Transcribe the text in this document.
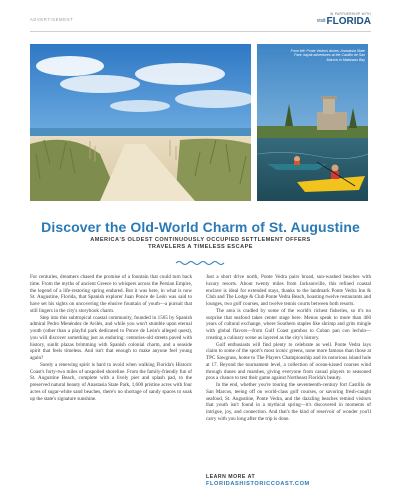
ADVERTISEMENT
IN PARTNERSHIP WITH
$^{visit}$FLORIDA
From left: Ponte Vedra's dunes; Anastasia State Park; kayak adventures at the Castillo de San Marcos in Matanzas Bay
Discover the Old-World Charm of St. Augustine
AMERICA'S OLDEST CONTINUOUSLY OCCUPIED SETTLEMENT OFFERS TRAVELERS A TIMELESS ESCAPE

For centuries, dreamers chased the promise of a fountain that could turn back time. From the myths of ancient Greece to whispers across the Persian Empire, the legend of a life-restoring spring endured. But it was here, in what is now St. Augustine, Florida, that Spanish explorer Juan Ponce de León was said to have set his sights on uncovering the elusive fountain of youth—a pursuit that still lingers in the city's storybook charm.

Step into this subtropical coastal community, founded in 1565 by Spanish admiral Pedro Menéndez de Avilés, and while you won't stumble upon eternal youth (other than a playful park dedicated to Ponce de León's alleged quest), you will discover something just as enduring: centuries-old streets paved with history, sunlit plazas brimming with Spanish colonial charm, and a seaside spirit that feels timeless. And isn't that enough to make anyone feel young again?

Surely a renewing spirit is hard to avoid when walking Florida's Historic Coast's forty-two miles of unspoiled shoreline. From the family-friendly fun of St. Augustine Beach, complete with a lively pier and splash pad, to the preserved natural beauty of Anastasia State Park, 1,600 pristine acres with four acres of sugar-white sand beaches, there's no shortage of sandy spaces to soak up the state's signature sunshine.

Just a short drive north, Ponte Vedra pairs broad, sun-washed beaches with luxury resorts. About twenty miles from Jacksonville, this refined coastal enclave is ideal for extended stays, thanks to the landmark Ponte Vedra Inn & Club and The Lodge & Club Ponte Vedra Beach, boasting twelve restaurants and lounges, two golf courses, and twelve tennis courts between both resorts.

The area is cradled by some of the world's richest fisheries, so it's no surprise that seafood takes center stage here. Menus speak to more than 460 years of cultural exchange, where Southern staples like shrimp and grits mingle with global flavors—from Gulf Coast gumbos to Cuban pan con lechón—creating a culinary scene as layered as the city's history.

Golf enthusiasts will find plenty to celebrate as well. Ponte Vedra lays claim to some of the sport's most iconic greens, none more famous than those at TPC Sawgrass, home to The Players Championship and its notorious island hole at 17. Beyond the tournament level, a collection of ocean-kissed courses wind through dunes and marshes, giving everyone from casual players to seasoned pros a chance to test their game against Northeast Florida's beauty.

In the end, whether you're touring the seventeenth-century fort Castillo de San Marcos, teeing off on world-class golf courses, or savoring fresh-caught seafood, St. Augustine, Ponte Vedra, and the dazzling beaches remind visitors that youth isn't found in a mythical spring—it's discovered in moments of intrigue, joy, and connection. And that's the kind of reservoir of wonder you'll carry with you long after the trip is done.

LEARN MORE AT
FLORIDASHISTORICCOAST.COM
